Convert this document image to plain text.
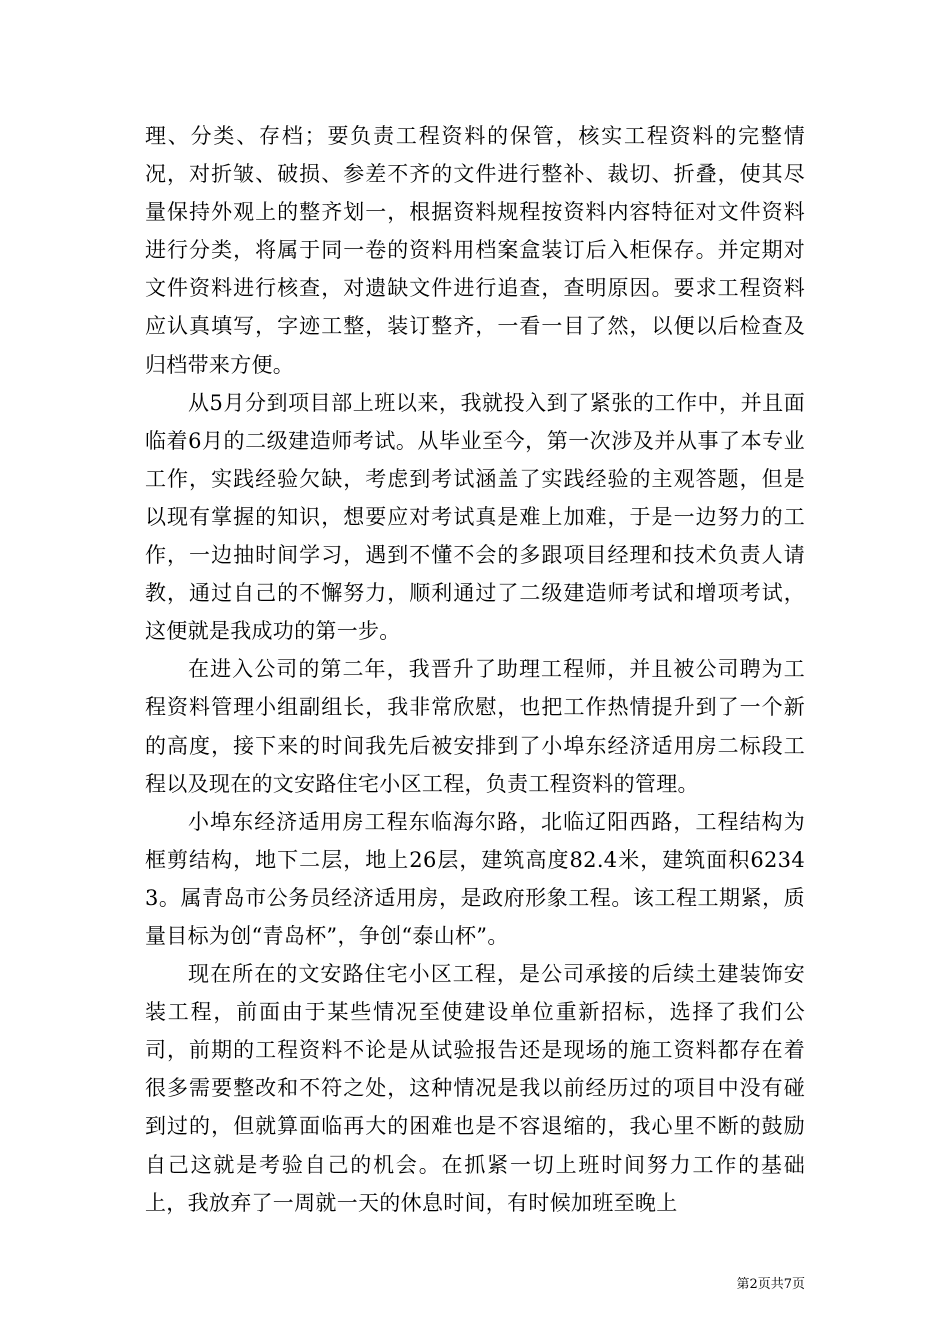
理、分类、存档；要负责工程资料的保管，核实工程资料的完整情况，对折皱、破损、参差不齐的文件进行整补、裁切、折叠，使其尽量保持外观上的整齐划一，根据资料规程按资料内容特征对文件资料进行分类，将属于同一卷的资料用档案盒装订后入柜保存。并定期对文件资料进行核查，对遗缺文件进行追查，查明原因。要求工程资料应认真填写，字迹工整，装订整齐，一看一目了然，以便以后检查及归档带来方便。

从5月分到项目部上班以来，我就投入到了紧张的工作中，并且面临着6月的二级建造师考试。从毕业至今，第一次涉及并从事了本专业工作，实践经验欠缺，考虑到考试涵盖了实践经验的主观答题，但是以现有掌握的知识，想要应对考试真是难上加难，于是一边努力的工作，一边抽时间学习，遇到不懂不会的多跟项目经理和技术负责人请教，通过自己的不懈努力，顺利通过了二级建造师考试和增项考试，这便就是我成功的第一步。

在进入公司的第二年，我晋升了助理工程师，并且被公司聘为工程资料管理小组副组长，我非常欣慰，也把工作热情提升到了一个新的高度，接下来的时间我先后被安排到了小埠东经济适用房二标段工程以及现在的文安路住宅小区工程，负责工程资料的管理。

小埠东经济适用房工程东临海尔路，北临辽阳西路，工程结构为框剪结构，地下二层，地上26层，建筑高度82.4米，建筑面积62343。属青岛市公务员经济适用房，是政府形象工程。该工程工期紧，质量目标为创“青岛杯”，争创“泰山杯”。

现在所在的文安路住宅小区工程，是公司承接的后续土建装饰安装工程，前面由于某些情况至使建设单位重新招标，选择了我们公司，前期的工程资料不论是从试验报告还是现场的施工资料都存在着很多需要整改和不符之处，这种情况是我以前经历过的项目中没有碰到过的，但就算面临再大的困难也是不容退缩的，我心里不断的鼓励自己这就是考验自己的机会。在抓紧一切上班时间努力工作的基础上，我放弃了一周就一天的休息时间，有时候加班至晚上

第2页共7页
